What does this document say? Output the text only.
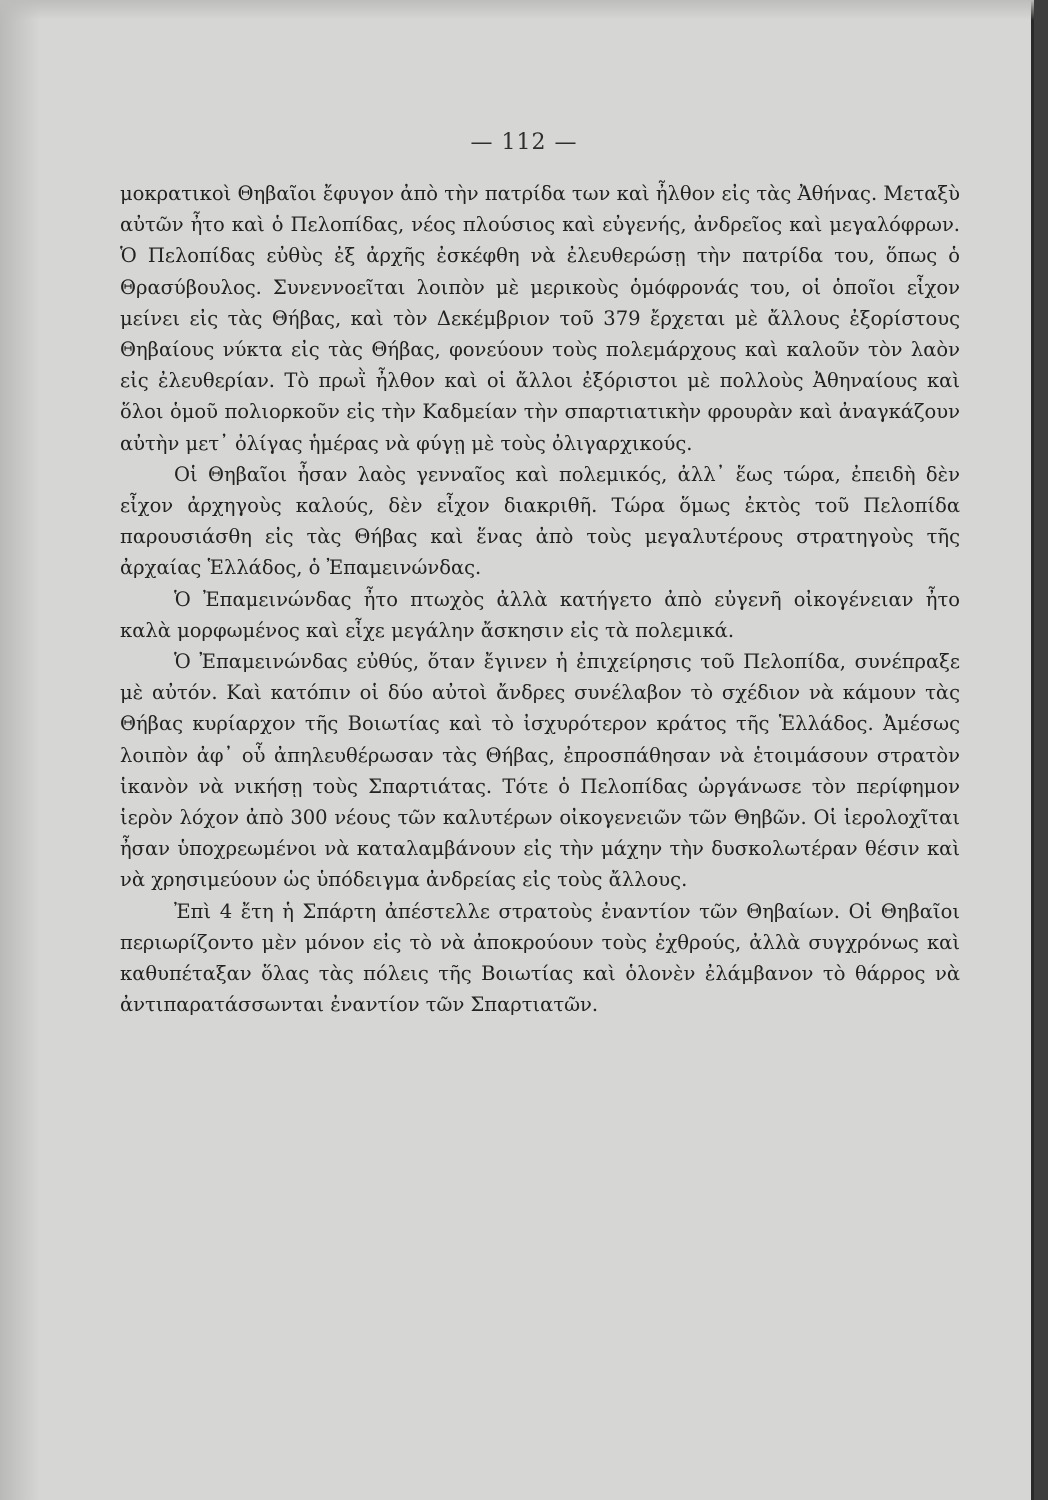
— 112 —

μοκρατικοὶ Θηβαῖοι ἔφυγον ἀπὸ τὴν πατρίδα των καὶ ἦλθον εἰς τὰς Ἀθήνας. Μεταξὺ αὐτῶν ἦτο καὶ ὁ Πελοπίδας, νέος πλούσιος καὶ εὐγενής, ἀνδρεῖος καὶ μεγαλόφρων. Ὁ Πελοπίδας εὐθὺς ἐξ ἀρχῆς ἐσκέφθη νὰ ἐλευθερώσῃ τὴν πατρίδα του, ὅπως ὁ Θρασύβουλος. Συνεννοεῖται λοιπὸν μὲ μερικοὺς ὁμόφρονάς του, οἱ ὁποῖοι εἶχον μείνει εἰς τὰς Θήβας, καὶ τὸν Δεκέμβριον τοῦ 379 ἔρχεται μὲ ἄλλους ἐξορίστους Θηβαίους νύκτα εἰς τὰς Θήβας, φονεύουν τοὺς πολεμάρχους καὶ καλοῦν τὸν λαὸν εἰς ἐλευθερίαν. Τὸ πρωῒ ἦλθον καὶ οἱ ἄλλοι ἐξόριστοι μὲ πολλοὺς Ἀθηναίους καὶ ὅλοι ὁμοῦ πολιορκοῦν εἰς τὴν Καδμείαν τὴν σπαρτιατικὴν φρουρὰν καὶ ἀναγκάζουν αὐτὴν μετ᾽ ὀλίγας ἡμέρας νὰ φύγῃ μὲ τοὺς ὀλιγαρχικούς.

Οἱ Θηβαῖοι ἦσαν λαὸς γενναῖος καὶ πολεμικός, ἀλλ᾽ ἕως τώρα, ἐπειδὴ δὲν εἶχον ἀρχηγοὺς καλούς, δὲν εἶχον διακριθῆ. Τώρα ὅμως ἐκτὸς τοῦ Πελοπίδα παρουσιάσθη εἰς τὰς Θήβας καὶ ἕνας ἀπὸ τοὺς μεγαλυτέρους στρατηγοὺς τῆς ἀρχαίας Ἑλλάδος, ὁ Ἐπαμεινώνδας.

Ὁ Ἐπαμεινώνδας ἦτο πτωχὸς ἀλλὰ κατήγετο ἀπὸ εὐγενῆ οἰκογένειαν ἦτο καλὰ μορφωμένος καὶ εἶχε μεγάλην ἄσκησιν εἰς τὰ πολεμικά.

Ὁ Ἐπαμεινώνδας εὐθύς, ὅταν ἔγινεν ἡ ἐπιχείρησις τοῦ Πελοπίδα, συνέπραξε μὲ αὐτόν. Καὶ κατόπιν οἱ δύο αὐτοὶ ἄνδρες συνέλαβον τὸ σχέδιον νὰ κάμουν τὰς Θήβας κυρίαρχον τῆς Βοιωτίας καὶ τὸ ἰσχυρότερον κράτος τῆς Ἑλλάδος. Ἀμέσως λοιπὸν ἀφ᾽ οὗ ἀπηλευθέρωσαν τὰς Θήβας, ἐπροσπάθησαν νὰ ἑτοιμάσουν στρατὸν ἱκανὸν νὰ νικήσῃ τοὺς Σπαρτιάτας. Τότε ὁ Πελοπίδας ὠργάνωσε τὸν περίφημον ἱερὸν λόχον ἀπὸ 300 νέους τῶν καλυτέρων οἰκογενειῶν τῶν Θηβῶν. Οἱ ἱερολοχῖται ἦσαν ὑποχρεωμένοι νὰ καταλαμβάνουν εἰς τὴν μάχην τὴν δυσκολωτέραν θέσιν καὶ νὰ χρησιμεύουν ὡς ὑπόδειγμα ἀνδρείας εἰς τοὺς ἄλλους.

Ἐπὶ 4 ἔτη ἡ Σπάρτη ἀπέστελλε στρατοὺς ἐναντίον τῶν Θηβαίων. Οἱ Θηβαῖοι περιωρίζοντο μὲν μόνον εἰς τὸ νὰ ἀποκρούουν τοὺς ἐχθρούς, ἀλλὰ συγχρόνως καὶ καθυπέταξαν ὅλας τὰς πόλεις τῆς Βοιωτίας καὶ ὁλονὲν ἐλάμβανον τὸ θάρρος νὰ ἀντιπαρατάσσωνται ἐναντίον τῶν Σπαρτιατῶν.
